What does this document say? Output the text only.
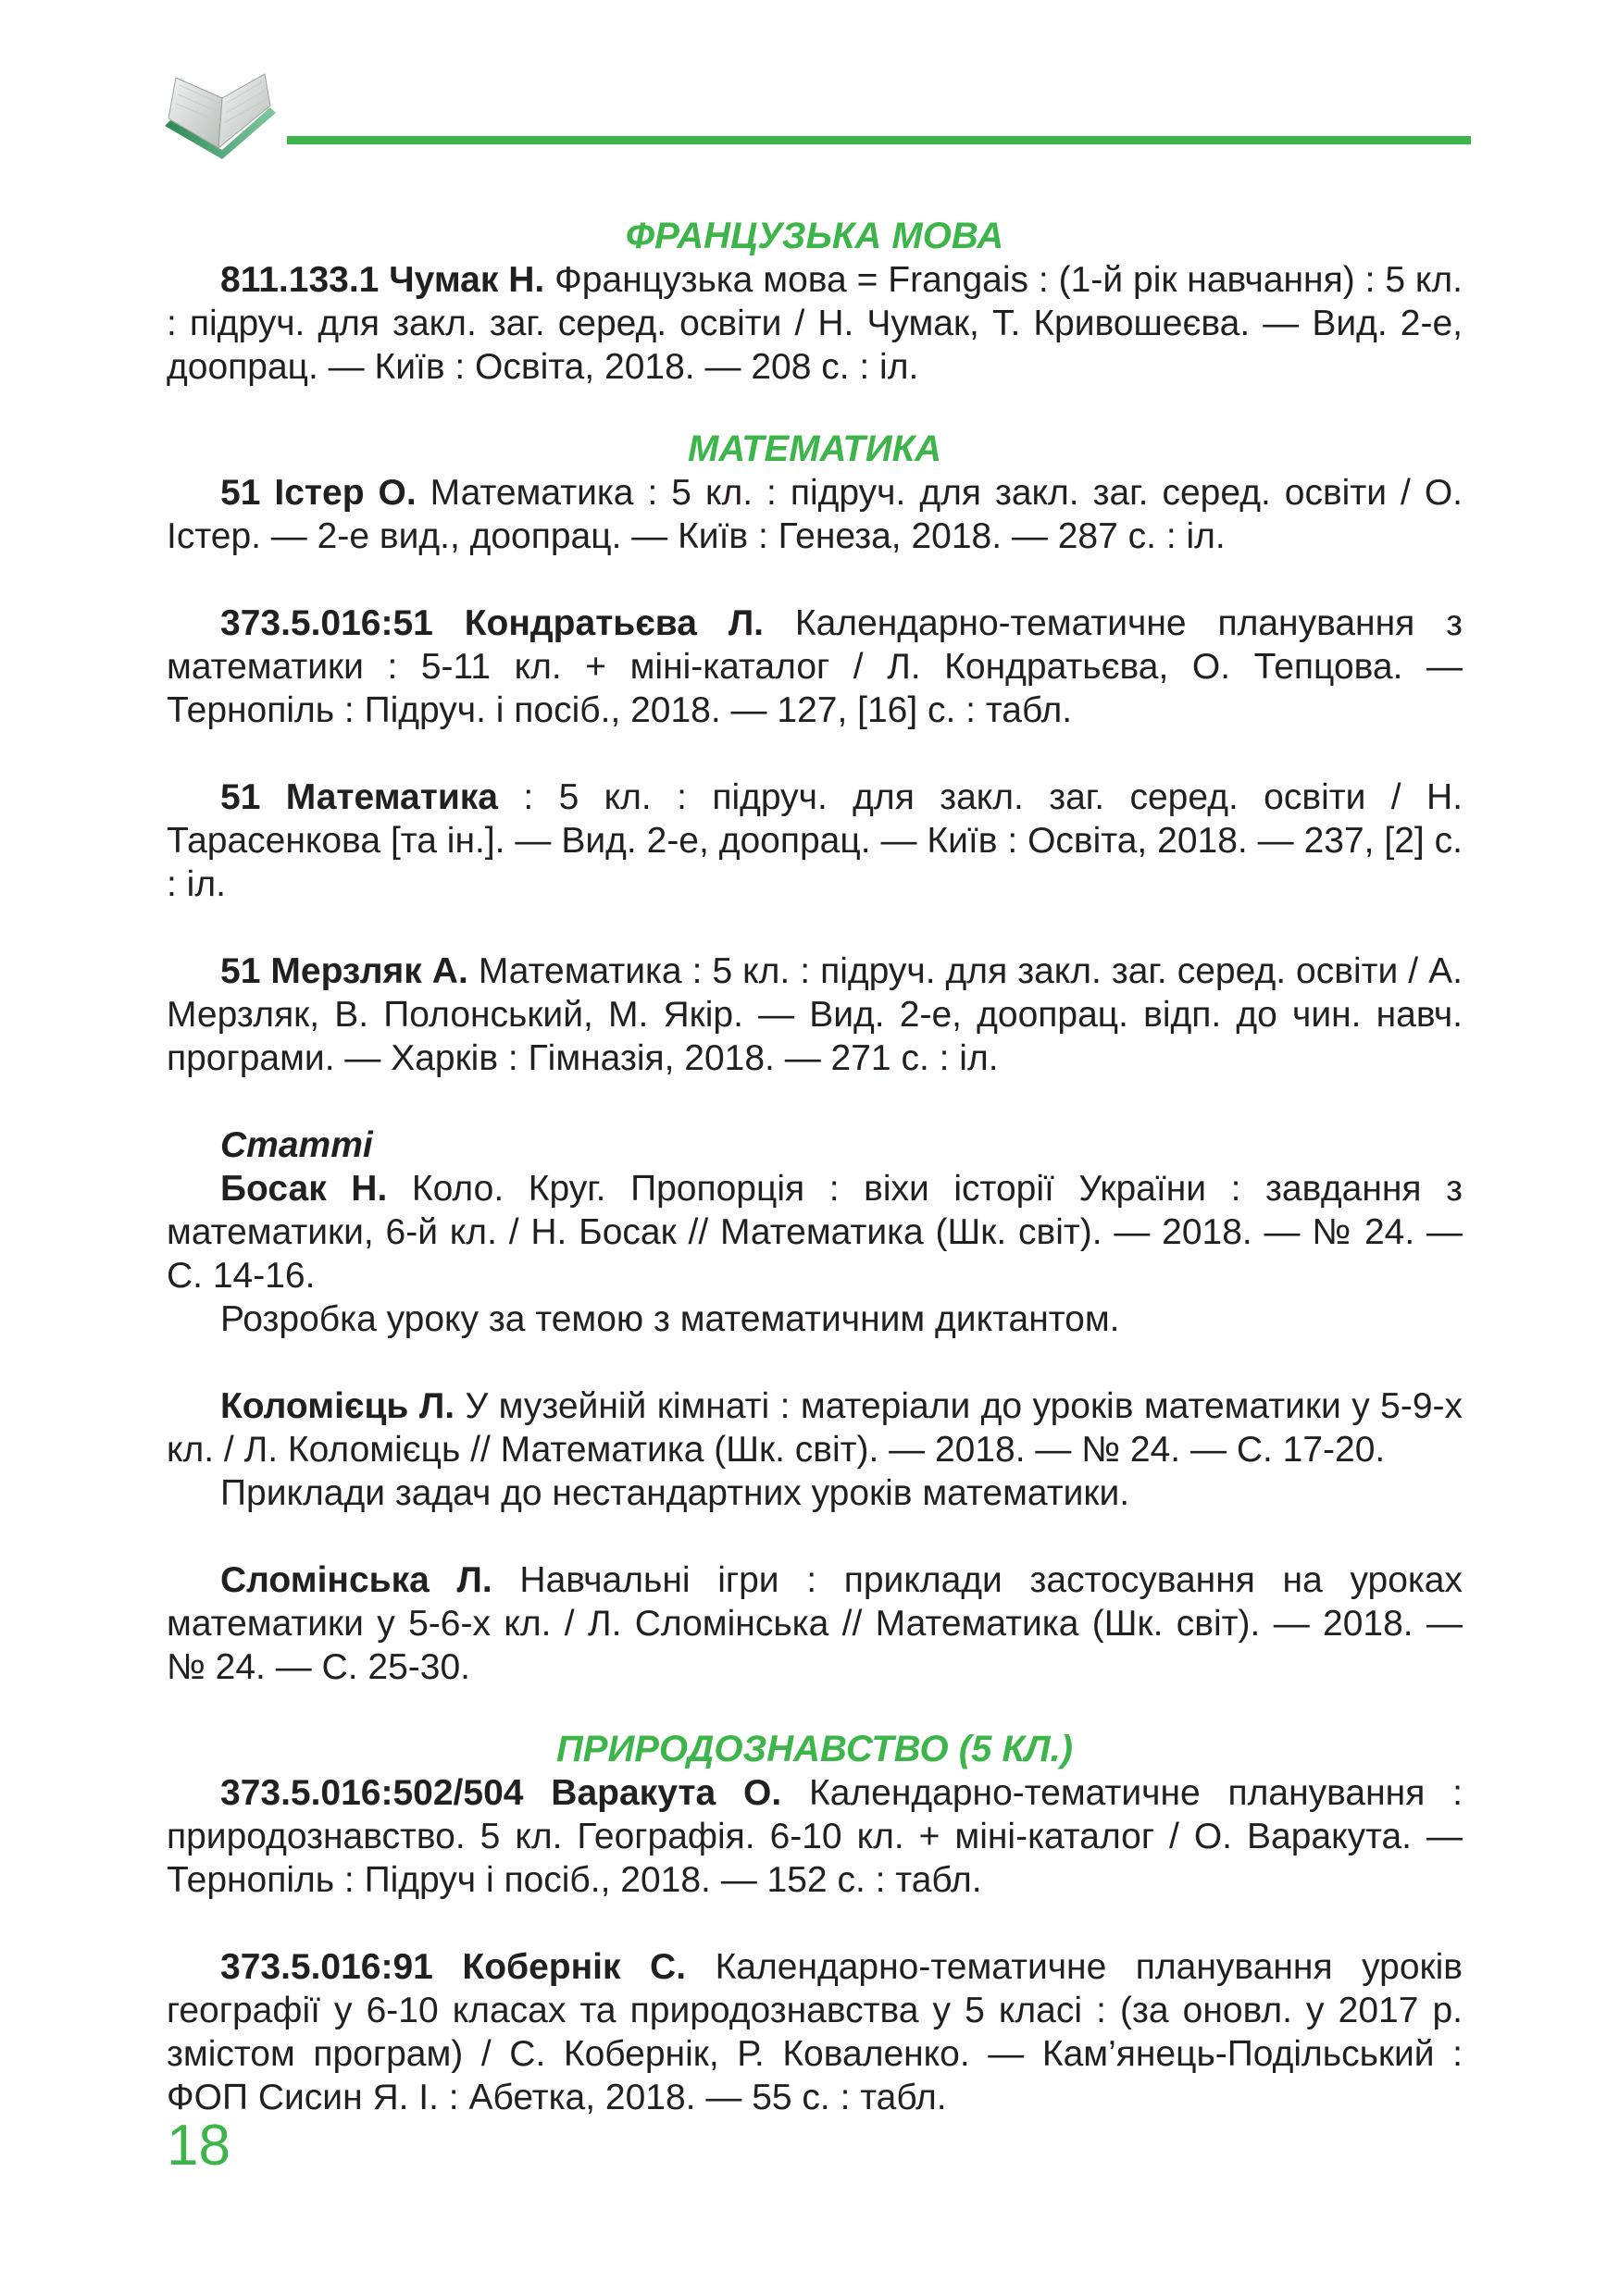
ФРАНЦУЗЬКА МОВА

811.133.1 Чумак Н. Французька мова = Frangais : (1-й рік навчання) : 5 кл. : підруч. для закл. заг. серед. освіти / Н. Чумак, Т. Кривошеєва. — Вид. 2-е, доопрац. — Київ : Освіта, 2018. — 208 с. : іл.

МАТЕМАТИКА

51 Істер О. Математика : 5 кл. : підруч. для закл. заг. серед. освіти / О. Істер. — 2-е вид., доопрац. — Київ : Генеза, 2018. — 287 с. : іл.

373.5.016:51 Кондратьєва Л. Календарно-тематичне планування з математики : 5-11 кл. + міні-каталог / Л. Кондратьєва, О. Тепцова. — Тернопіль : Підруч. і посіб., 2018. — 127, [16] с. : табл.

51 Математика : 5 кл. : підруч. для закл. заг. серед. освіти / Н. Тарасенкова [та ін.]. — Вид. 2-е, доопрац. — Київ : Освіта, 2018. — 237, [2] с. : іл.

51 Мерзляк А. Математика : 5 кл. : підруч. для закл. заг. серед. освіти / А. Мерзляк, В. Полонський, М. Якір. — Вид. 2-е, доопрац. відп. до чин. навч. програми. — Харків : Гімназія, 2018. — 271 с. : іл.

Статті

Босак Н. Коло. Круг. Пропорція : віхи історії України : завдання з математики, 6-й кл. / Н. Босак // Математика (Шк. світ). — 2018. — № 24. — С. 14-16.

Розробка уроку за темою з математичним диктантом.

Коломієць Л. У музейній кімнаті : матеріали до уроків математики у 5-9-х кл. / Л. Коломієць // Математика (Шк. світ). — 2018. — № 24. — С. 17-20.

Приклади задач до нестандартних уроків математики.

Сломінська Л. Навчальні ігри : приклади застосування на уроках математики у 5-6-х кл. / Л. Сломінська // Математика (Шк. світ). — 2018. — № 24. — С. 25-30.

ПРИРОДОЗНАВСТВО (5 КЛ.)

373.5.016:502/504 Варакута О. Календарно-тематичне планування : природознавство. 5 кл. Географія. 6-10 кл. + міні-каталог / О. Варакута. — Тернопіль : Підруч і посіб., 2018. — 152 с. : табл.

373.5.016:91 Кобернік С. Календарно-тематичне планування уроків географії у 6-10 класах та природознавства у 5 класі : (за оновл. у 2017 р. змістом програм) / С. Кобернік, Р. Коваленко. — Кам’янець-Подільський : ФОП Сисин Я. І. : Абетка, 2018. — 55 с. : табл.

18
